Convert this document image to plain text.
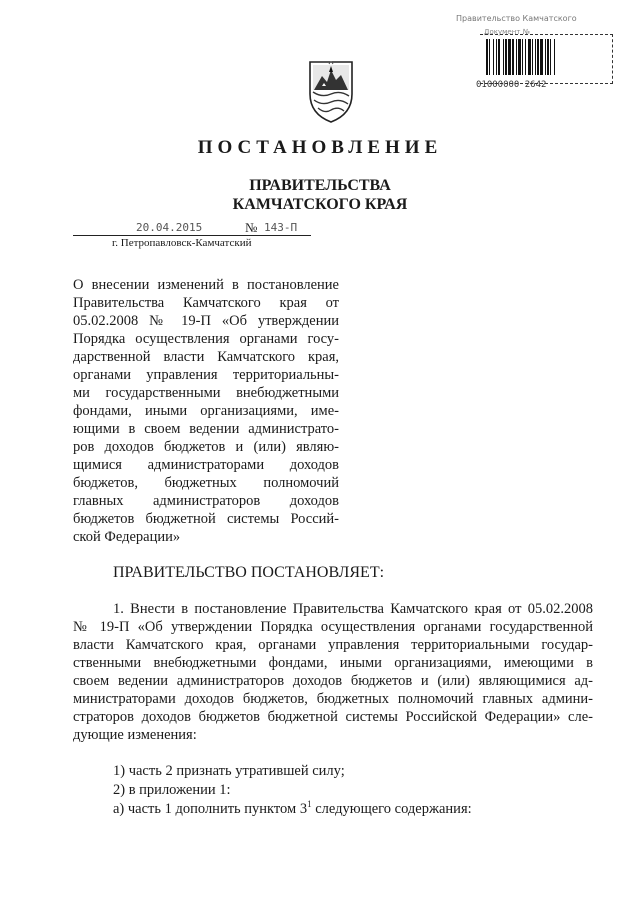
Правительство Камчатского
Документ №
01000000 2642
ПОСТАНОВЛЕНИЕ
ПРАВИТЕЛЬСТВА
КАМЧАТСКОГО КРАЯ
20.04.2015	№ 143-П
г. Петропавловск-Камчатский
О внесении изменений в постановление
Правительства Камчатского края от
05.02.2008 № 19-П «Об утверждении
Порядка осуществления органами госу-
дарственной власти Камчатского края,
органами управления территориальны-
ми государственными внебюджетными
фондами, иными организациями, име-
ющими в своем ведении администрато-
ров доходов бюджетов и (или) являю-
щимися администраторами доходов
бюджетов, бюджетных полномочий
главных администраторов доходов
бюджетов бюджетной системы Россий-
ской Федерации»
ПРАВИТЕЛЬСТВО ПОСТАНОВЛЯЕТ:
1. Внести в постановление Правительства Камчатского края от 05.02.2008
№ 19-П «Об утверждении Порядка осуществления органами государственной
власти Камчатского края, органами управления территориальными государ-
ственными внебюджетными фондами, иными организациями, имеющими в
своем ведении администраторов доходов бюджетов и (или) являющимися ад-
министраторами доходов бюджетов, бюджетных полномочий главных админи-
страторов доходов бюджетов бюджетной системы Российской Федерации» сле-
дующие изменения:
1) часть 2 признать утратившей силу;
2) в приложении 1:
а) часть 1 дополнить пунктом $3^1$ следующего содержания:
